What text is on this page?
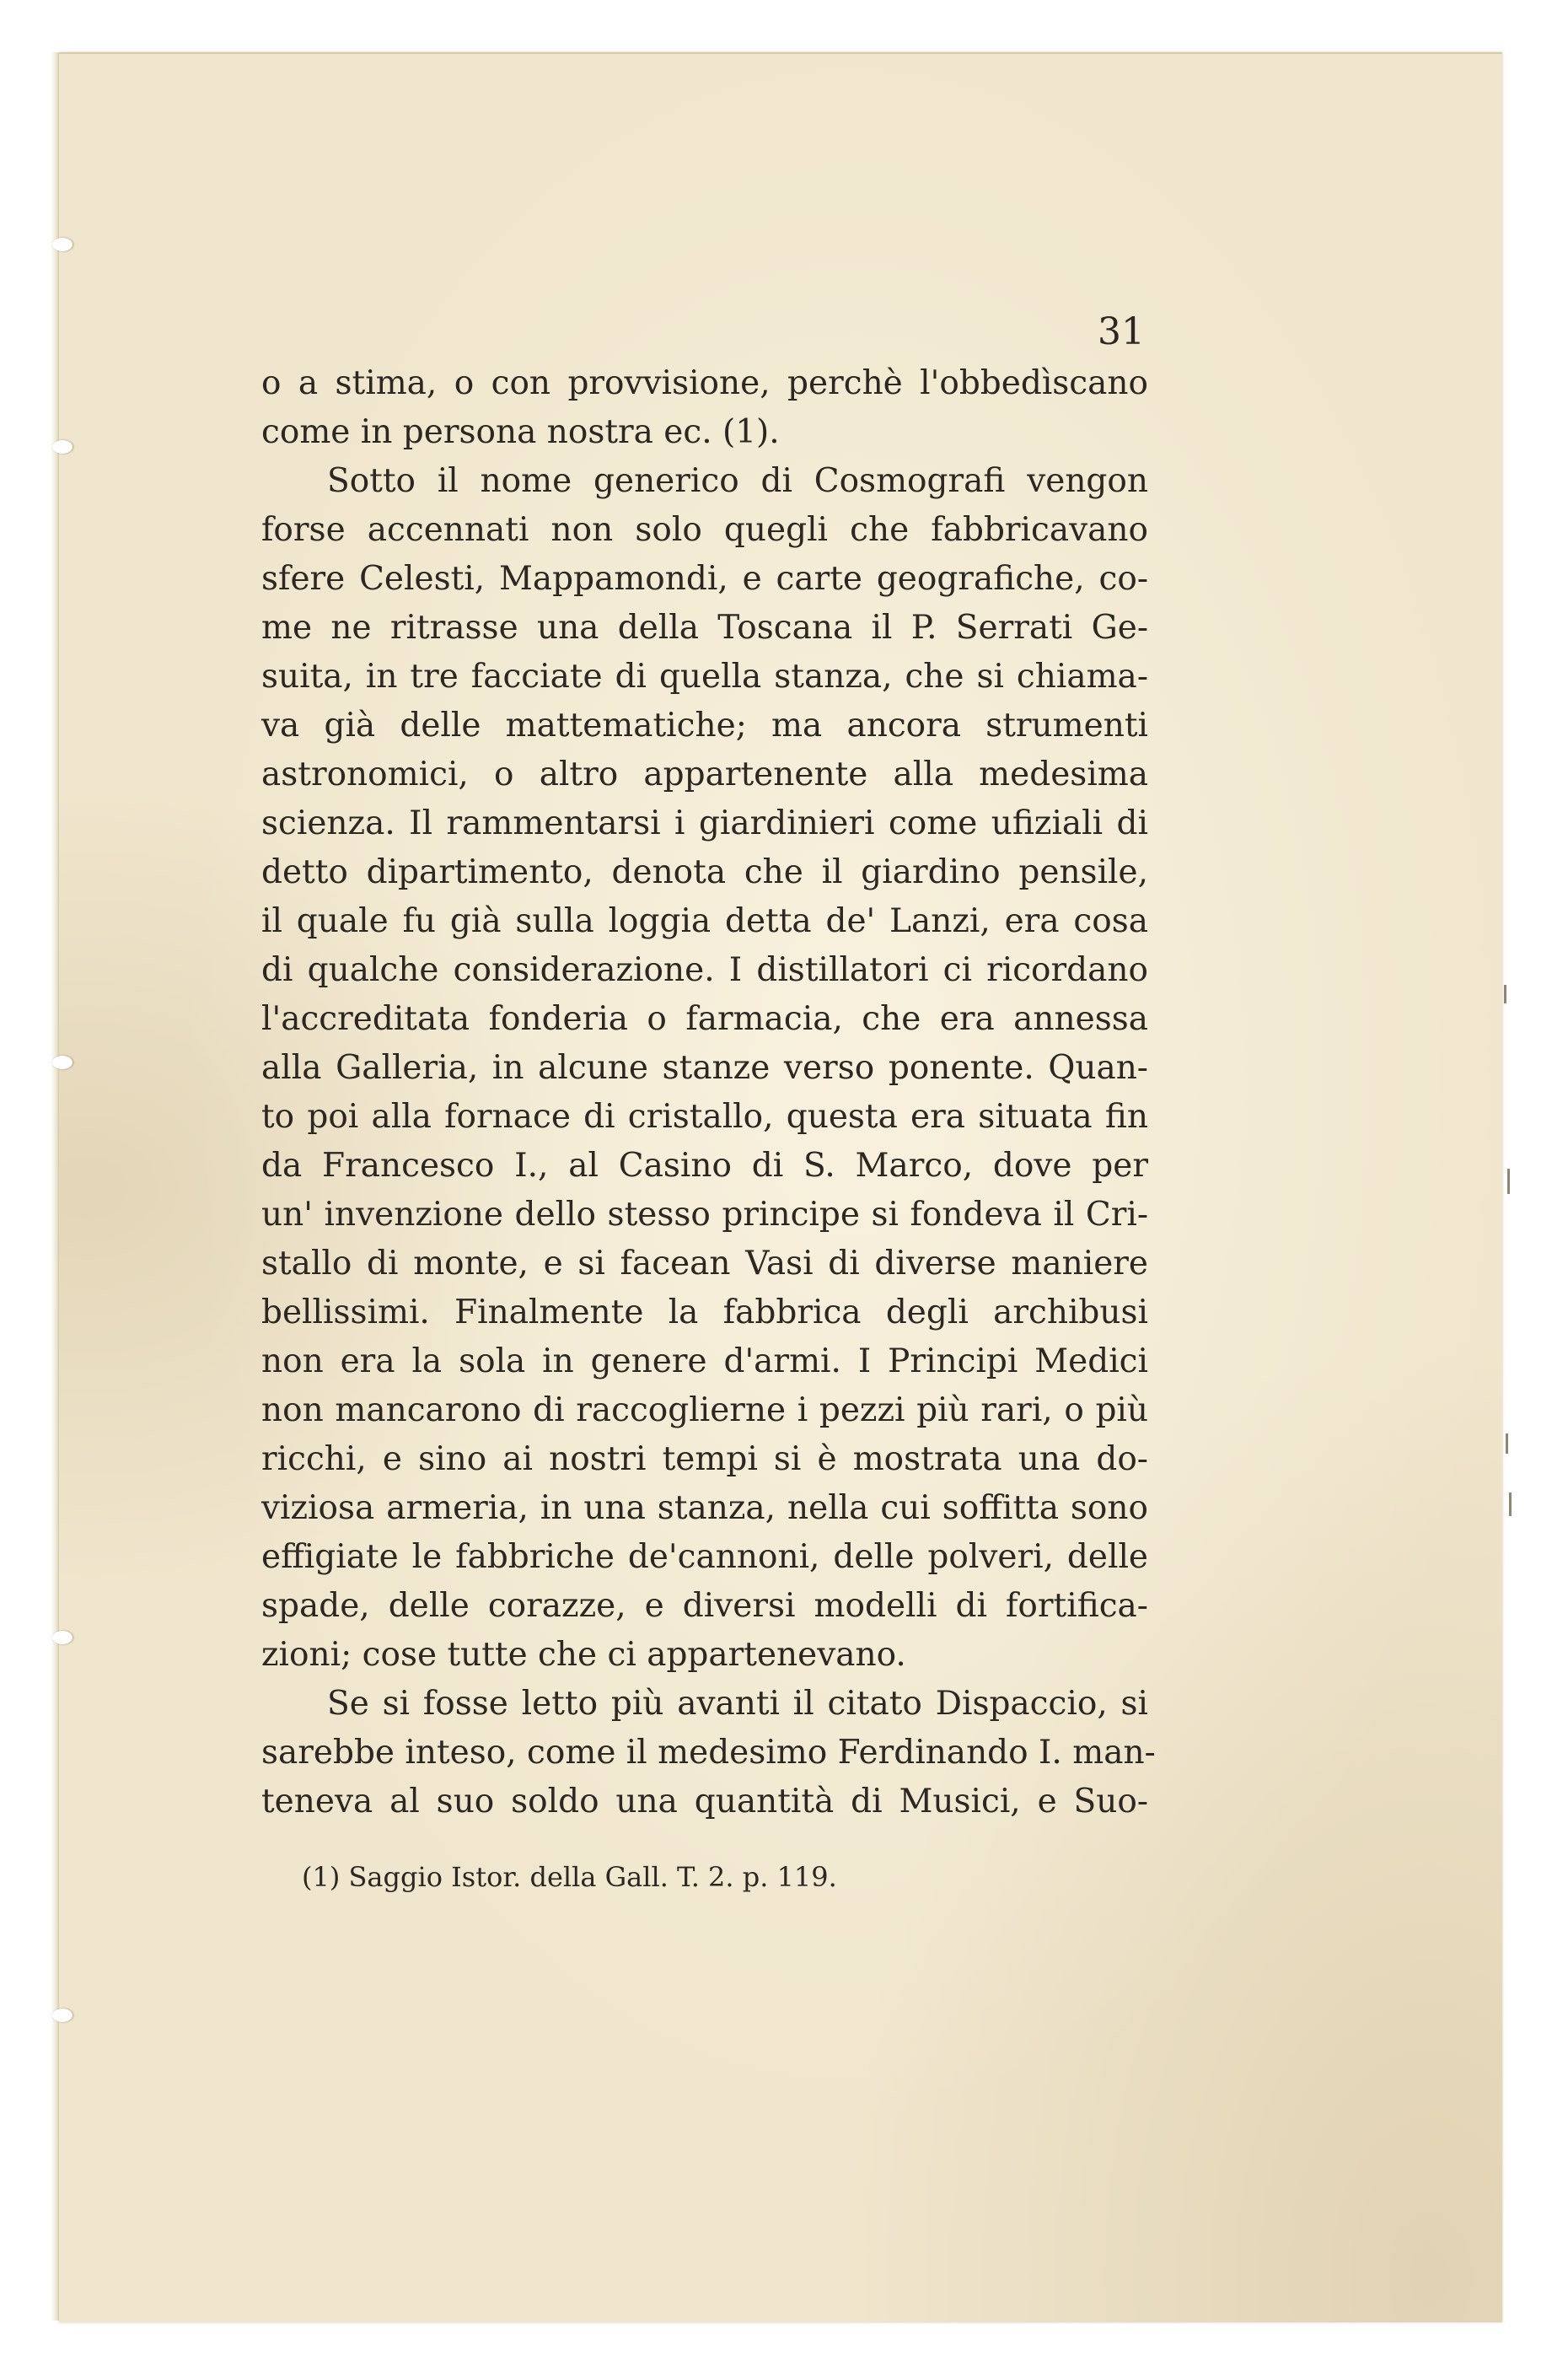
31
o a stima, o con provvisione, perchè l'obbedìscano
come in persona nostra ec. (1).
Sotto il nome generico di Cosmografi vengon
forse accennati non solo quegli che fabbricavano
sfere Celesti, Mappamondi, e carte geografiche, co-
me ne ritrasse una della Toscana il P. Serrati Ge-
suita, in tre facciate di quella stanza, che si chiama-
va già delle mattematiche; ma ancora strumenti
astronomici, o altro appartenente alla medesima
scienza. Il rammentarsi i giardinieri come ufiziali di
detto dipartimento, denota che il giardino pensile,
il quale fu già sulla loggia detta de' Lanzi, era cosa
di qualche considerazione. I distillatori ci ricordano
l'accreditata fonderia o farmacia, che era annessa
alla Galleria, in alcune stanze verso ponente. Quan-
to poi alla fornace di cristallo, questa era situata fin
da Francesco I., al Casino di S. Marco, dove per
un' invenzione dello stesso principe si fondeva il Cri-
stallo di monte, e si facean Vasi di diverse maniere
bellissimi. Finalmente la fabbrica degli archibusi
non era la sola in genere d'armi. I Principi Medici
non mancarono di raccoglierne i pezzi più rari, o più
ricchi, e sino ai nostri tempi si è mostrata una do-
viziosa armeria, in una stanza, nella cui soffitta sono
effigiate le fabbriche de'cannoni, delle polveri, delle
spade, delle corazze, e diversi modelli di fortifica-
zioni; cose tutte che ci appartenevano.
Se si fosse letto più avanti il citato Dispaccio, si
sarebbe inteso, come il medesimo Ferdinando I. man-
teneva al suo soldo una quantità di Musici, e Suo-
(1) Saggio Istor. della Gall. T. 2. p. 119.
